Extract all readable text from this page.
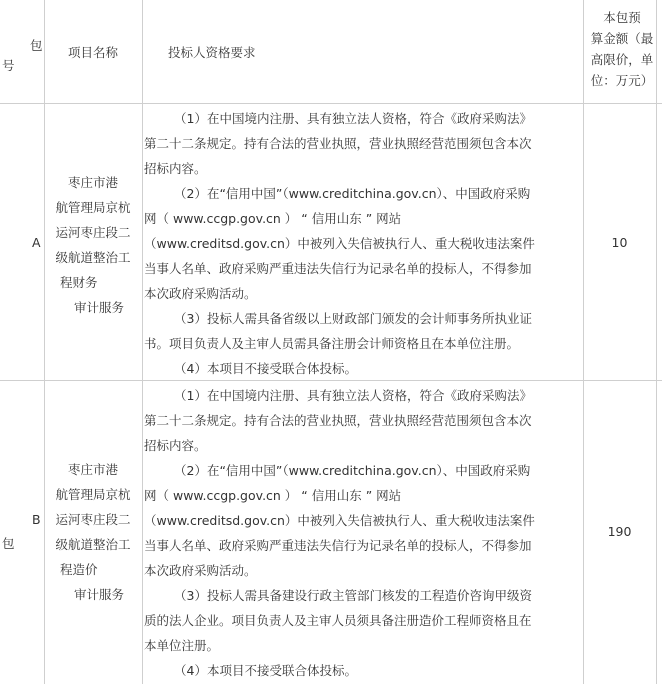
号
包	项目名称	投标人资格要求
本包预
算金额（最
高限价，单
位：万元）
A
枣庄市港
航管理局京杭
运河枣庄段二
级航道整治工
程财务
审计服务

（1）在中国境内注册、具有独立法人资格，符合《政府采购法》

第二十二条规定。持有合法的营业执照，营业执照经营范围须包含本次

招标内容。

（2）在“信用中国”（www.creditchina.gov.cn）、中国政府采购

网（ www.ccgp.gov.cn ） “ 信用山东 ” 网站

（www.creditsd.gov.cn）中被列入失信被执行人、重大税收违法案件

当事人名单、政府采购严重违法失信行为记录名单的投标人，不得参加

本次政府采购活动。

（3）投标人需具备省级以上财政部门颁发的会计师事务所执业证

书。项目负责人及主审人员需具备注册会计师资格且在本单位注册。

（4）本项目不接受联合体投标。

10
包
B
枣庄市港
航管理局京杭
运河枣庄段二
级航道整治工
程造价
审计服务

（1）在中国境内注册、具有独立法人资格，符合《政府采购法》

第二十二条规定。持有合法的营业执照，营业执照经营范围须包含本次

招标内容。

（2）在“信用中国”（www.creditchina.gov.cn）、中国政府采购

网（ www.ccgp.gov.cn ） “ 信用山东 ” 网站

（www.creditsd.gov.cn）中被列入失信被执行人、重大税收违法案件

当事人名单、政府采购严重违法失信行为记录名单的投标人，不得参加

本次政府采购活动。

（3）投标人需具备建设行政主管部门核发的工程造价咨询甲级资

质的法人企业。项目负责人及主审人员须具备注册造价工程师资格且在

本单位注册。

（4）本项目不接受联合体投标。

190
